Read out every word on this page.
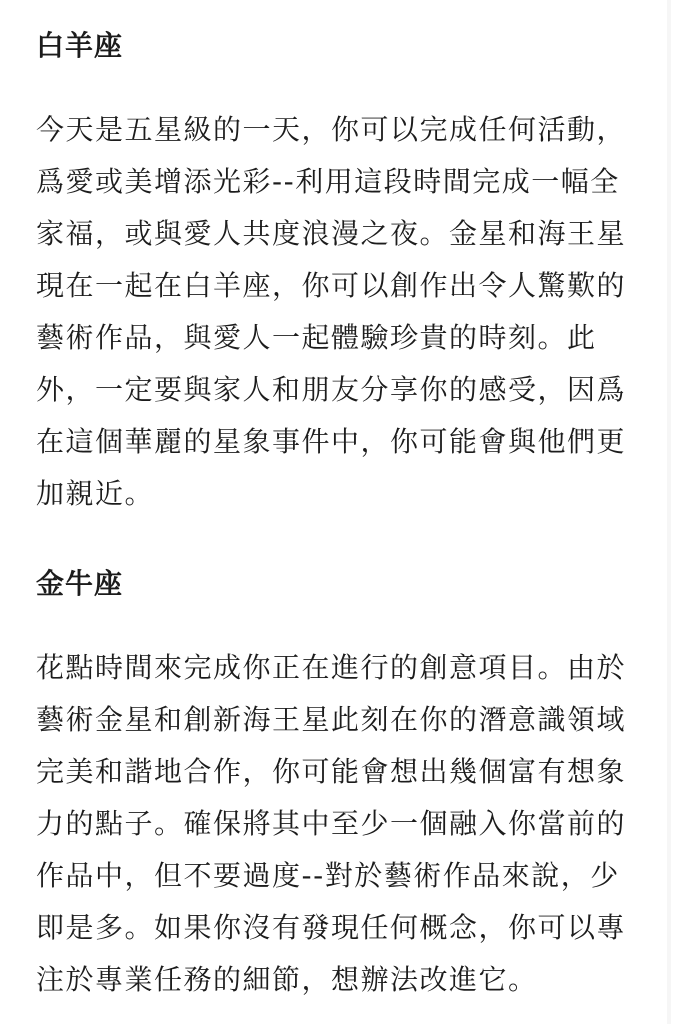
白羊座

今天是五星級的一天，你可以完成任何活動，
爲愛或美增添光彩--利用這段時間完成一幅全
家福，或與愛人共度浪漫之夜。金星和海王星
現在一起在白羊座，你可以創作出令人驚歎的
藝術作品，與愛人一起體驗珍貴的時刻。此
外，一定要與家人和朋友分享你的感受，因爲
在這個華麗的星象事件中，你可能會與他們更
加親近。

金牛座

花點時間來完成你正在進行的創意項目。由於
藝術金星和創新海王星此刻在你的潛意識領域
完美和諧地合作，你可能會想出幾個富有想象
力的點子。確保將其中至少一個融入你當前的
作品中，但不要過度--對於藝術作品來說，少
即是多。如果你沒有發現任何概念，你可以專
注於專業任務的細節，想辦法改進它。
